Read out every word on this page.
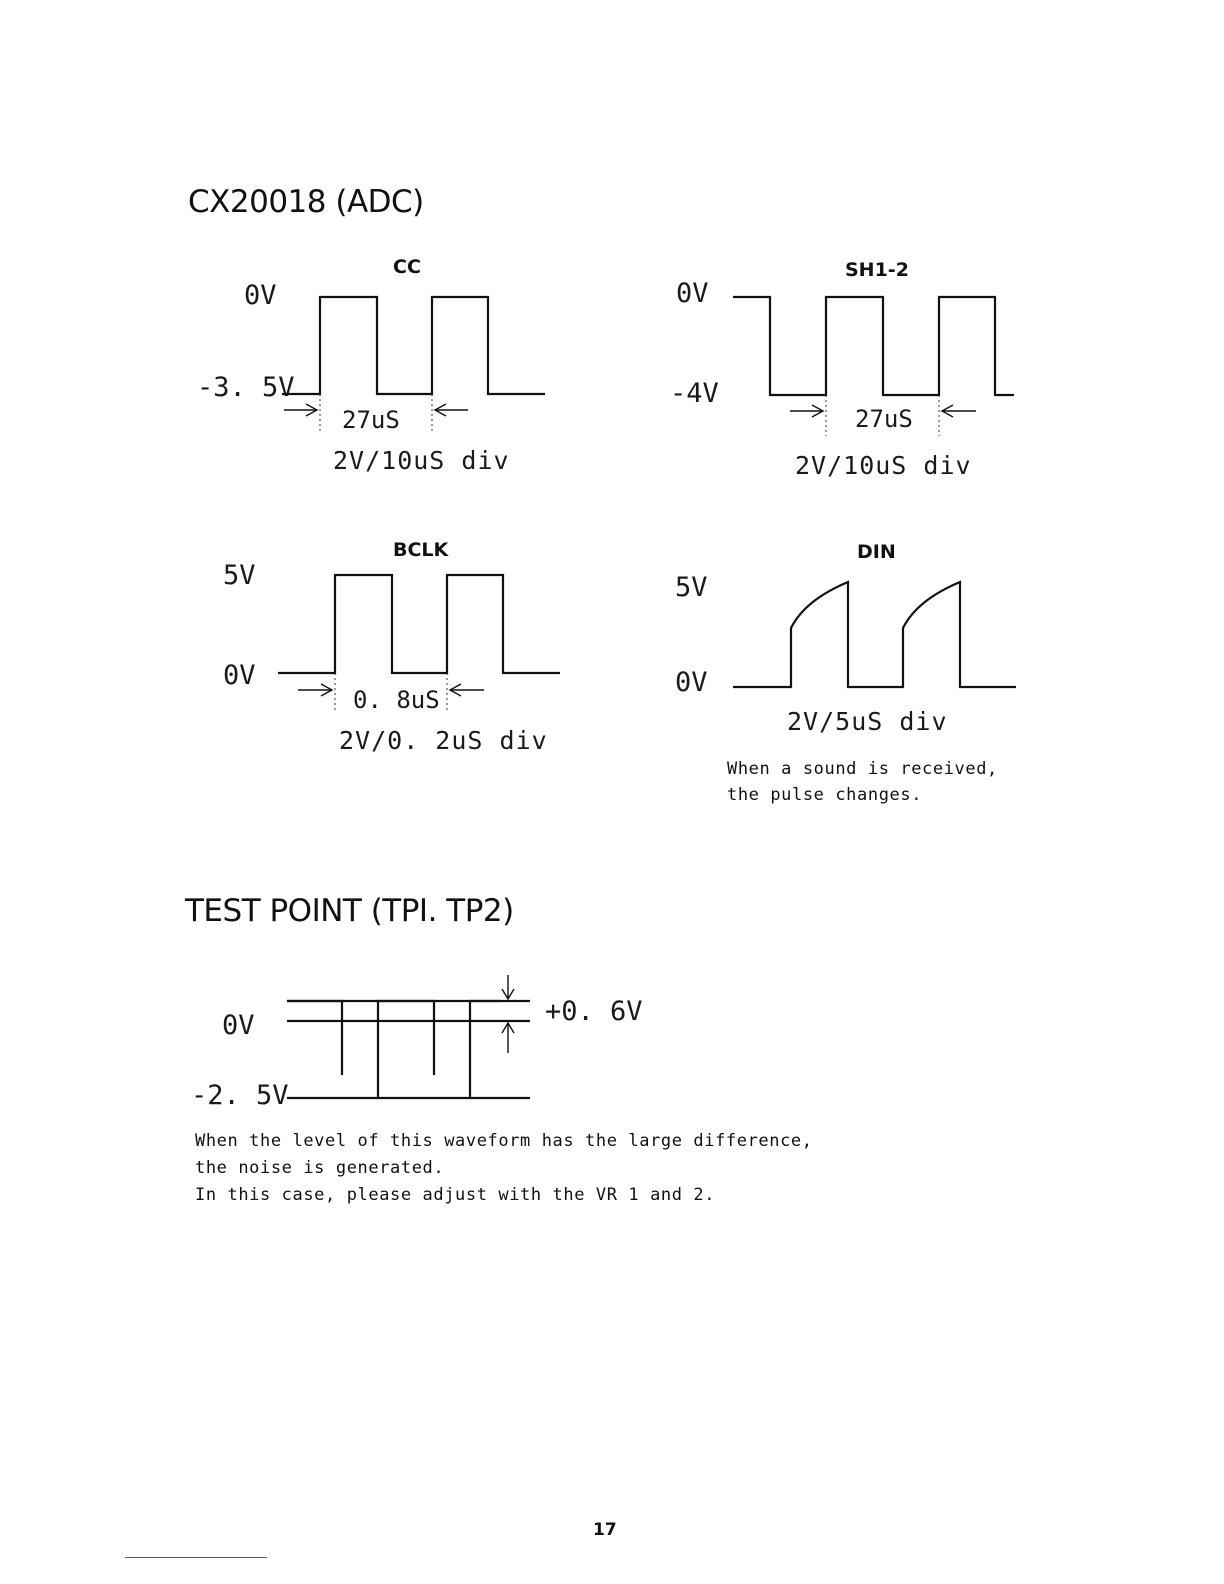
CX20018 (ADC)
CC
0V
-3. 5V
27uS
2V/10uS div
SH1-2
0V
-4V
27uS
2V/10uS div
BCLK
5V
0V
0. 8uS
2V/0. 2uS div
DIN
5V
0V
2V/5uS div
When a sound is received,
the pulse changes.
TEST POINT (TPI. TP2)
0V
-2. 5V
+0. 6V
When the level of this waveform has the large difference,
the noise is generated.
In this case, please adjust with the VR 1 and 2.
17
